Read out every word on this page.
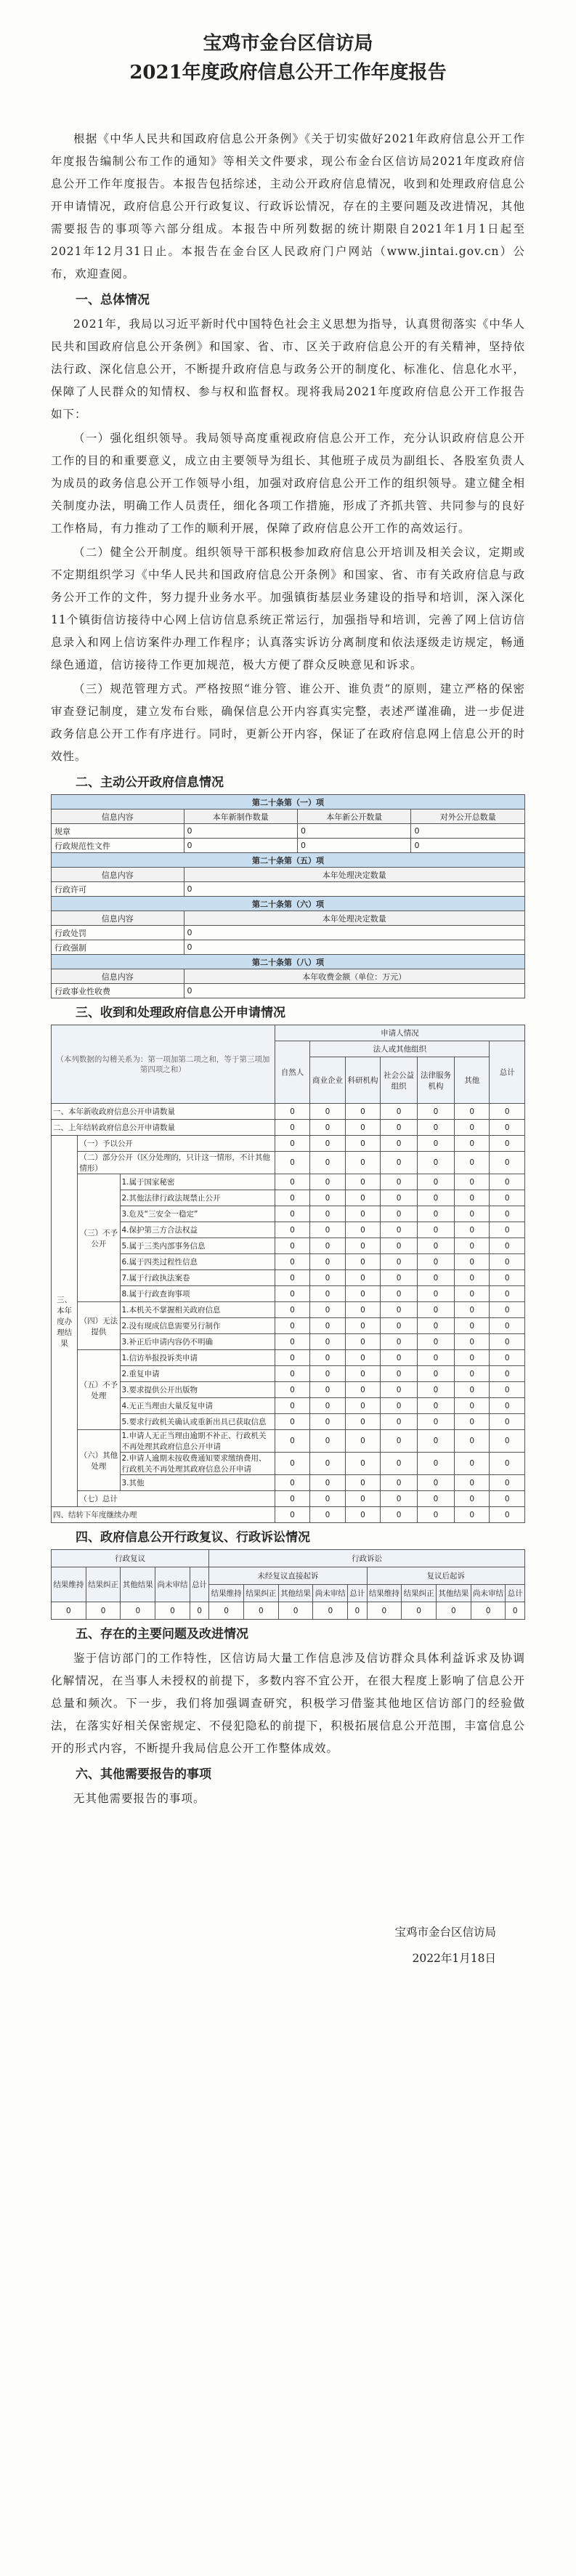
宝鸡市金台区信访局
2021年度政府信息公开工作年度报告

根据《中华人民共和国政府信息公开条例》《关于切实做好2021年政府信息公开工作年度报告编制公布工作的通知》等相关文件要求，现公布金台区信访局2021年度政府信息公开工作年度报告。本报告包括综述，主动公开政府信息情况，收到和处理政府信息公开申请情况，政府信息公开行政复议、行政诉讼情况，存在的主要问题及改进情况，其他需要报告的事项等六部分组成。本报告中所列数据的统计期限自2021年1月1日起至2021年12月31日止。本报告在金台区人民政府门户网站（www.jintai.gov.cn）公布，欢迎查阅。

一、总体情况

2021年，我局以习近平新时代中国特色社会主义思想为指导，认真贯彻落实《中华人民共和国政府信息公开条例》和国家、省、市、区关于政府信息公开的有关精神，坚持依法行政、深化信息公开，不断提升政府信息与政务公开的制度化、标准化、信息化水平，保障了人民群众的知情权、参与权和监督权。现将我局2021年度政府信息公开工作报告如下：

（一）强化组织领导。我局领导高度重视政府信息公开工作，充分认识政府信息公开工作的目的和重要意义，成立由主要领导为组长、其他班子成员为副组长、各股室负责人为成员的政务信息公开工作领导小组，加强对政府信息公开工作的组织领导。建立健全相关制度办法，明确工作人员责任，细化各项工作措施，形成了齐抓共管、共同参与的良好工作格局，有力推动了工作的顺利开展，保障了政府信息公开工作的高效运行。

（二）健全公开制度。组织领导干部积极参加政府信息公开培训及相关会议，定期或不定期组织学习《中华人民共和国政府信息公开条例》和国家、省、市有关政府信息与政务公开工作的文件，努力提升业务水平。加强镇街基层业务建设的指导和培训，深入深化11个镇街信访接待中心网上信访信息系统正常运行，加强指导和培训，完善了网上信访信息录入和网上信访案件办理工作程序；认真落实诉访分离制度和依法逐级走访规定，畅通绿色通道，信访接待工作更加规范，极大方便了群众反映意见和诉求。

（三）规范管理方式。严格按照“谁分管、谁公开、谁负责”的原则，建立严格的保密审查登记制度，建立发布台账，确保信息公开内容真实完整，表述严谨准确，进一步促进政务信息公开工作有序进行。同时，更新公开内容，保证了在政府信息网上信息公开的时效性。

二、主动公开政府信息情况
第二十条第（一）项			
信息内容	本年新制作数量	本年新公开数量	对外公开总数量
规章	0	0	0
行政规范性文件	0	0	0
第二十条第（五）项			
信息内容	本年处理决定数量		
行政许可	0		
第二十条第（六）项			
信息内容	本年处理决定数量		
行政处罚	0		
行政强制	0		
第二十条第（八）项			
信息内容	本年收费金额（单位：万元）		
行政事业性收费	0		
三、收到和处理政府信息公开申请情况
（本列数据的勾稽关系为：第一项加第二项之和，等于第三项加第四项之和）			申请人情况						
			自然人	法人或其他组织					总计
				商业企业	科研机构	社会公益组织	法律服务机构	其他	
一、本年新收政府信息公开申请数量			0	0	0	0	0	0	0
二、上年结转政府信息公开申请数量			0	0	0	0	0	0	0
三、本年度办理结果	（一）予以公开		0	0	0	0	0	0	0
	（二）部分公开（区分处理的，只计这一情形，不计其他情形）		0	0	0	0	0	0	0
	（三）不予公开	1.属于国家秘密	0	0	0	0	0	0	0
		2.其他法律行政法规禁止公开	0	0	0	0	0	0	0
		3.危及“三安全一稳定”	0	0	0	0	0	0	0
		4.保护第三方合法权益	0	0	0	0	0	0	0
		5.属于三类内部事务信息	0	0	0	0	0	0	0
		6.属于四类过程性信息	0	0	0	0	0	0	0
		7.属于行政执法案卷	0	0	0	0	0	0	0
		8.属于行政查询事项	0	0	0	0	0	0	0
	（四）无法提供	1.本机关不掌握相关政府信息	0	0	0	0	0	0	0
		2.没有现成信息需要另行制作	0	0	0	0	0	0	0
		3.补正后申请内容仍不明确	0	0	0	0	0	0	0
	（五）不予处理	1.信访举报投诉类申请	0	0	0	0	0	0	0
		2.重复申请	0	0	0	0	0	0	0
		3.要求提供公开出版物	0	0	0	0	0	0	0
		4.无正当理由大量反复申请	0	0	0	0	0	0	0
		5.要求行政机关确认或重新出具已获取信息	0	0	0	0	0	0	0
	（六）其他处理	1.申请人无正当理由逾期不补正、行政机关不再处理其政府信息公开申请	0	0	0	0	0	0	0
		2.申请人逾期未按收费通知要求缴纳费用、行政机关不再处理其政府信息公开申请	0	0	0	0	0	0	0
		3.其他	0	0	0	0	0	0	0
	（七）总计		0	0	0	0	0	0	0
四、结转下年度继续办理			0	0	0	0	0	0	0
四、政府信息公开行政复议、行政诉讼情况
行政复议					行政诉讼									
结果维持	结果纠正	其他结果	尚未审结	总计	未经复议直接起诉					复议后起诉				
					结果维持	结果纠正	其他结果	尚未审结	总计	结果维持	结果纠正	其他结果	尚未审结	总计
0	0	0	0	0	0	0	0	0	0	0	0	0	0	0
五、存在的主要问题及改进情况

鉴于信访部门的工作特性，区信访局大量工作信息涉及信访群众具体利益诉求及协调化解情况，在当事人未授权的前提下，多数内容不宜公开，在很大程度上影响了信息公开总量和频次。下一步，我们将加强调查研究，积极学习借鉴其他地区信访部门的经验做法，在落实好相关保密规定、不侵犯隐私的前提下，积极拓展信息公开范围，丰富信息公开的形式内容，不断提升我局信息公开工作整体成效。

六、其他需要报告的事项

无其他需要报告的事项。

宝鸡市金台区信访局
2022年1月18日
